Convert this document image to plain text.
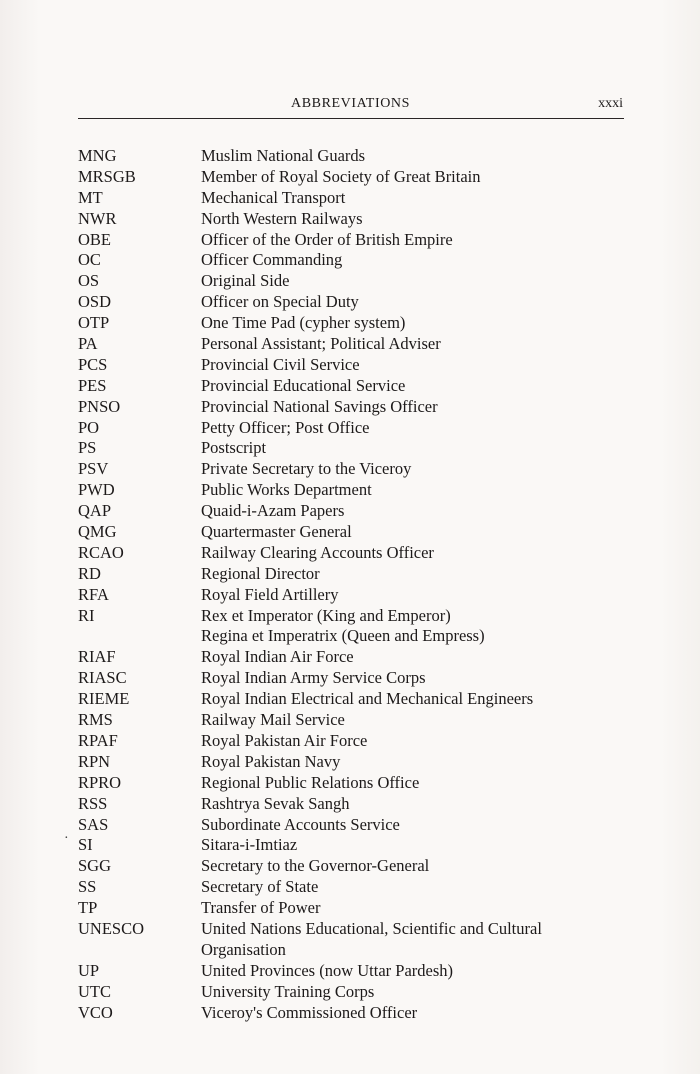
ABBREVIATIONS	xxxi
MNG	Muslim National Guards
MRSGB	Member of Royal Society of Great Britain
MT	Mechanical Transport
NWR	North Western Railways
OBE	Officer of the Order of British Empire
OC	Officer Commanding
OS	Original Side
OSD	Officer on Special Duty
OTP	One Time Pad (cypher system)
PA	Personal Assistant; Political Adviser
PCS	Provincial Civil Service
PES	Provincial Educational Service
PNSO	Provincial National Savings Officer
PO	Petty Officer; Post Office
PS	Postscript
PSV	Private Secretary to the Viceroy
PWD	Public Works Department
QAP	Quaid-i-Azam Papers
QMG	Quartermaster General
RCAO	Railway Clearing Accounts Officer
RD	Regional Director
RFA	Royal Field Artillery
RI	Rex et Imperator (King and Emperor)
Regina et Imperatrix (Queen and Empress)
RIAF	Royal Indian Air Force
RIASC	Royal Indian Army Service Corps
RIEME	Royal Indian Electrical and Mechanical Engineers
RMS	Railway Mail Service
RPAF	Royal Pakistan Air Force
RPN	Royal Pakistan Navy
RPRO	Regional Public Relations Office
RSS	Rashtrya Sevak Sangh
SAS	Subordinate Accounts Service
SI	Sitara-i-Imtiaz
SGG	Secretary to the Governor-General
SS	Secretary of State
TP	Transfer of Power
UNESCO	United Nations Educational, Scientific and Cultural
Organisation
UP	United Provinces (now Uttar Pardesh)
UTC	University Training Corps
VCO	Viceroy's Commissioned Officer
·
